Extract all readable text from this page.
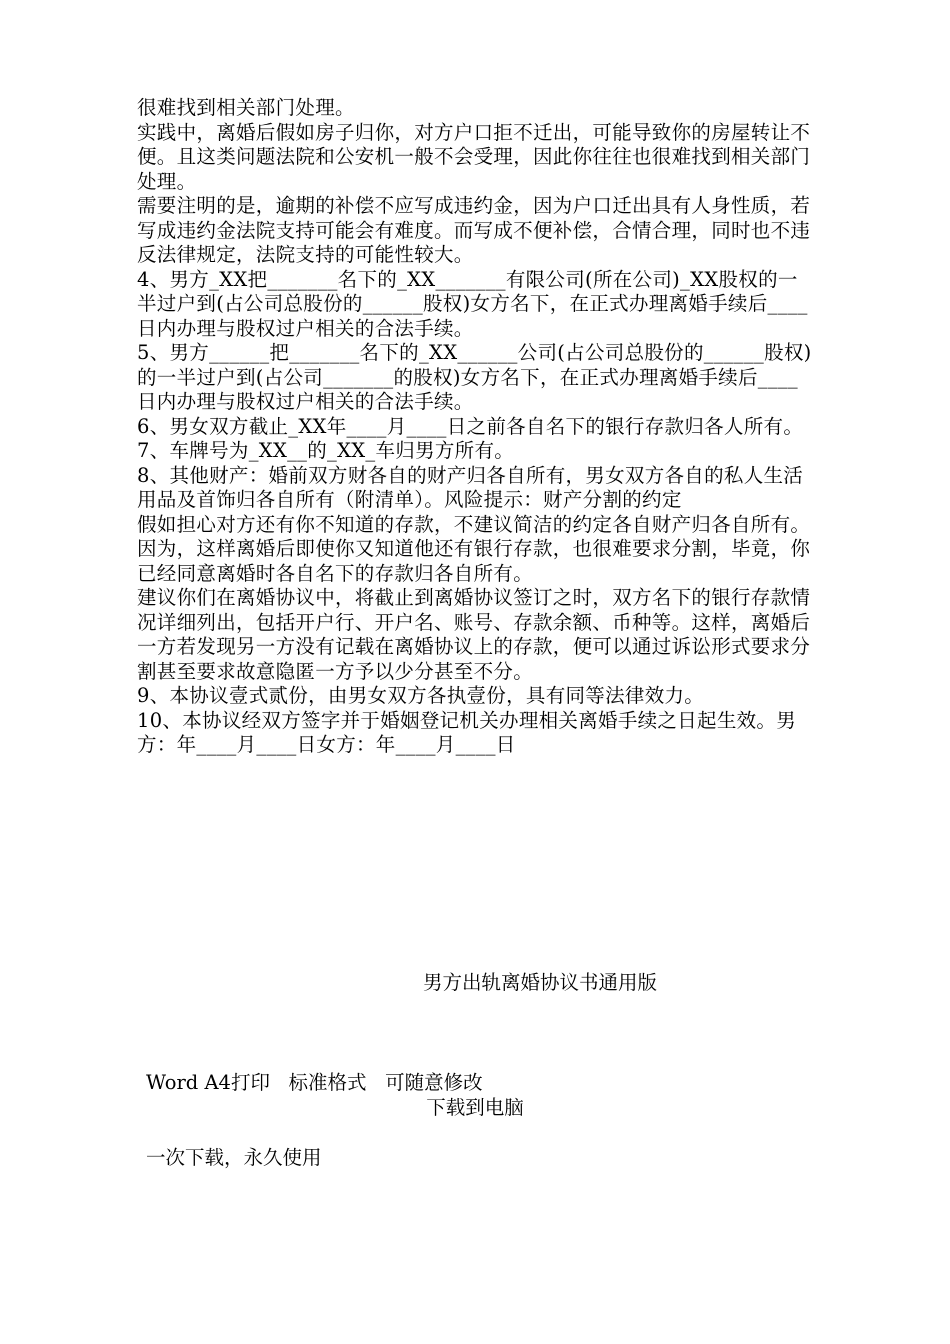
很难找到相关部门处理。

实践中，离婚后假如房子归你，对方户口拒不迁出，可能导致你的房屋转让不便。且这类问题法院和公安机一般不会受理，因此你往往也很难找到相关部门处理。

需要注明的是，逾期的补偿不应写成违约金，因为户口迁出具有人身性质，若写成违约金法院支持可能会有难度。而写成不便补偿，合情合理，同时也不违反法律规定，法院支持的可能性较大。

4、男方_XX把_______名下的_XX_______有限公司(所在公司)_XX股权的一半过户到(占公司总股份的______股权)女方名下，在正式办理离婚手续后____日内办理与股权过户相关的合法手续。

5、男方______把_______名下的_XX______公司(占公司总股份的______股权)的一半过户到(占公司_______的股权)女方名下，在正式办理离婚手续后____日内办理与股权过户相关的合法手续。

6、男女双方截止_XX年____月____日之前各自名下的银行存款归各人所有。

7、车牌号为_XX__的_XX_车归男方所有。

8、其他财产：婚前双方财各自的财产归各自所有，男女双方各自的私人生活用品及首饰归各自所有（附清单）。风险提示：财产分割的约定

假如担心对方还有你不知道的存款，不建议简洁的约定各自财产归各自所有。因为，这样离婚后即使你又知道他还有银行存款，也很难要求分割，毕竟，你已经同意离婚时各自名下的存款归各自所有。

建议你们在离婚协议中，将截止到离婚协议签订之时，双方名下的银行存款情况详细列出，包括开户行、开户名、账号、存款余额、币种等。这样，离婚后一方若发现另一方没有记载在离婚协议上的存款，便可以通过诉讼形式要求分割甚至要求故意隐匿一方予以少分甚至不分。

9、本协议壹式贰份，由男女双方各执壹份，具有同等法律效力。

10、本协议经双方签字并于婚姻登记机关办理相关离婚手续之日起生效。男方：年____月____日女方：年____月____日

男方出轨离婚协议书通用版

Word A4打印   标准格式   可随意修改

一次下载，永久使用

下载到电脑
